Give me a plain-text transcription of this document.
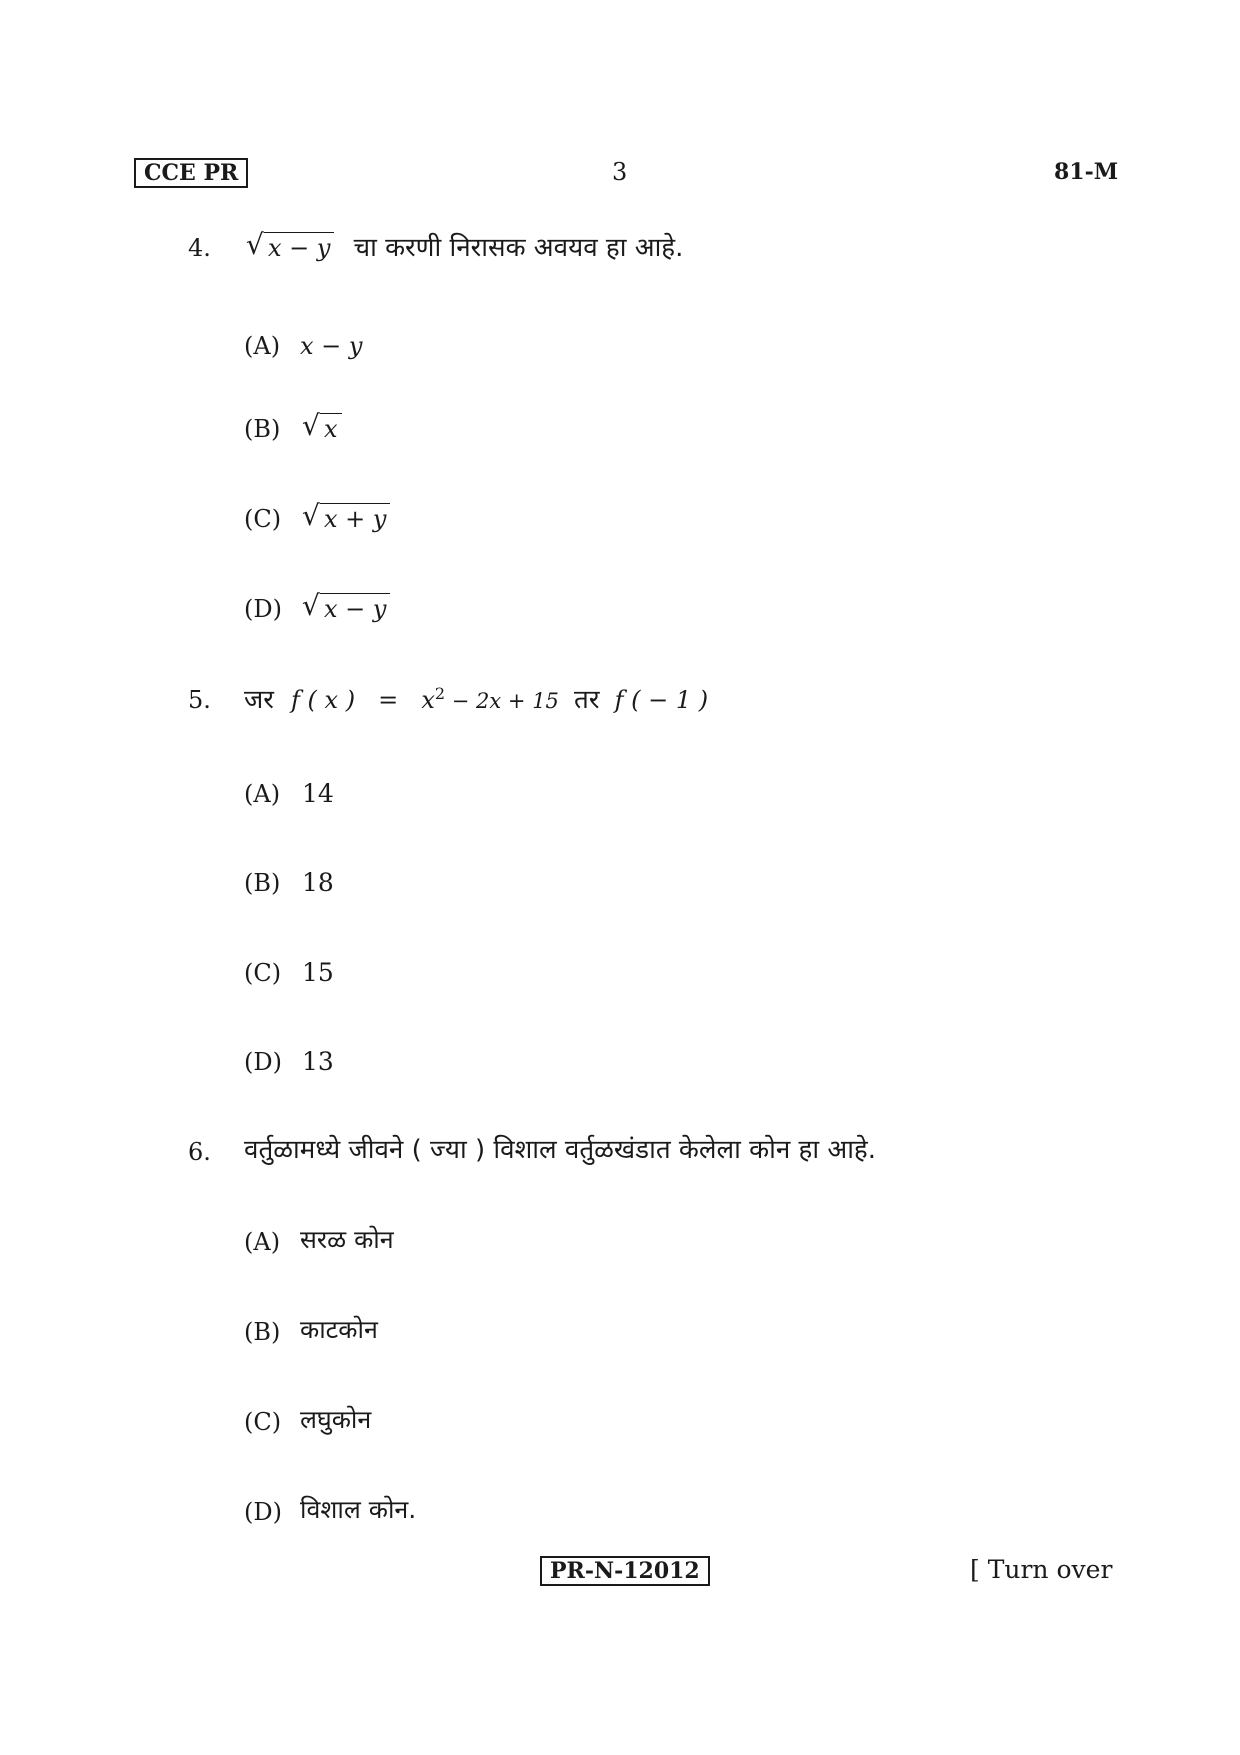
CCE PR	3	81-M
4. √ x − y चा करणी निरासक अवयव हा आहे.
(A) x − y
(B) √ x
(C) √ x + y
(D) √ x − y
5. जर f ( x ) = $x^2 - 2x + 15$ तर f ( − 1 )
(A) 14
(B) 18
(C) 15
(D) 13
6. वर्तुळामध्ये जीवने ( ज्या ) विशाल वर्तुळखंडात केलेला कोन हा आहे.
(A) सरळ कोन
(B) काटकोन
(C) लघुकोन
(D) विशाल कोन.
PR-N-12012	[ Turn over
